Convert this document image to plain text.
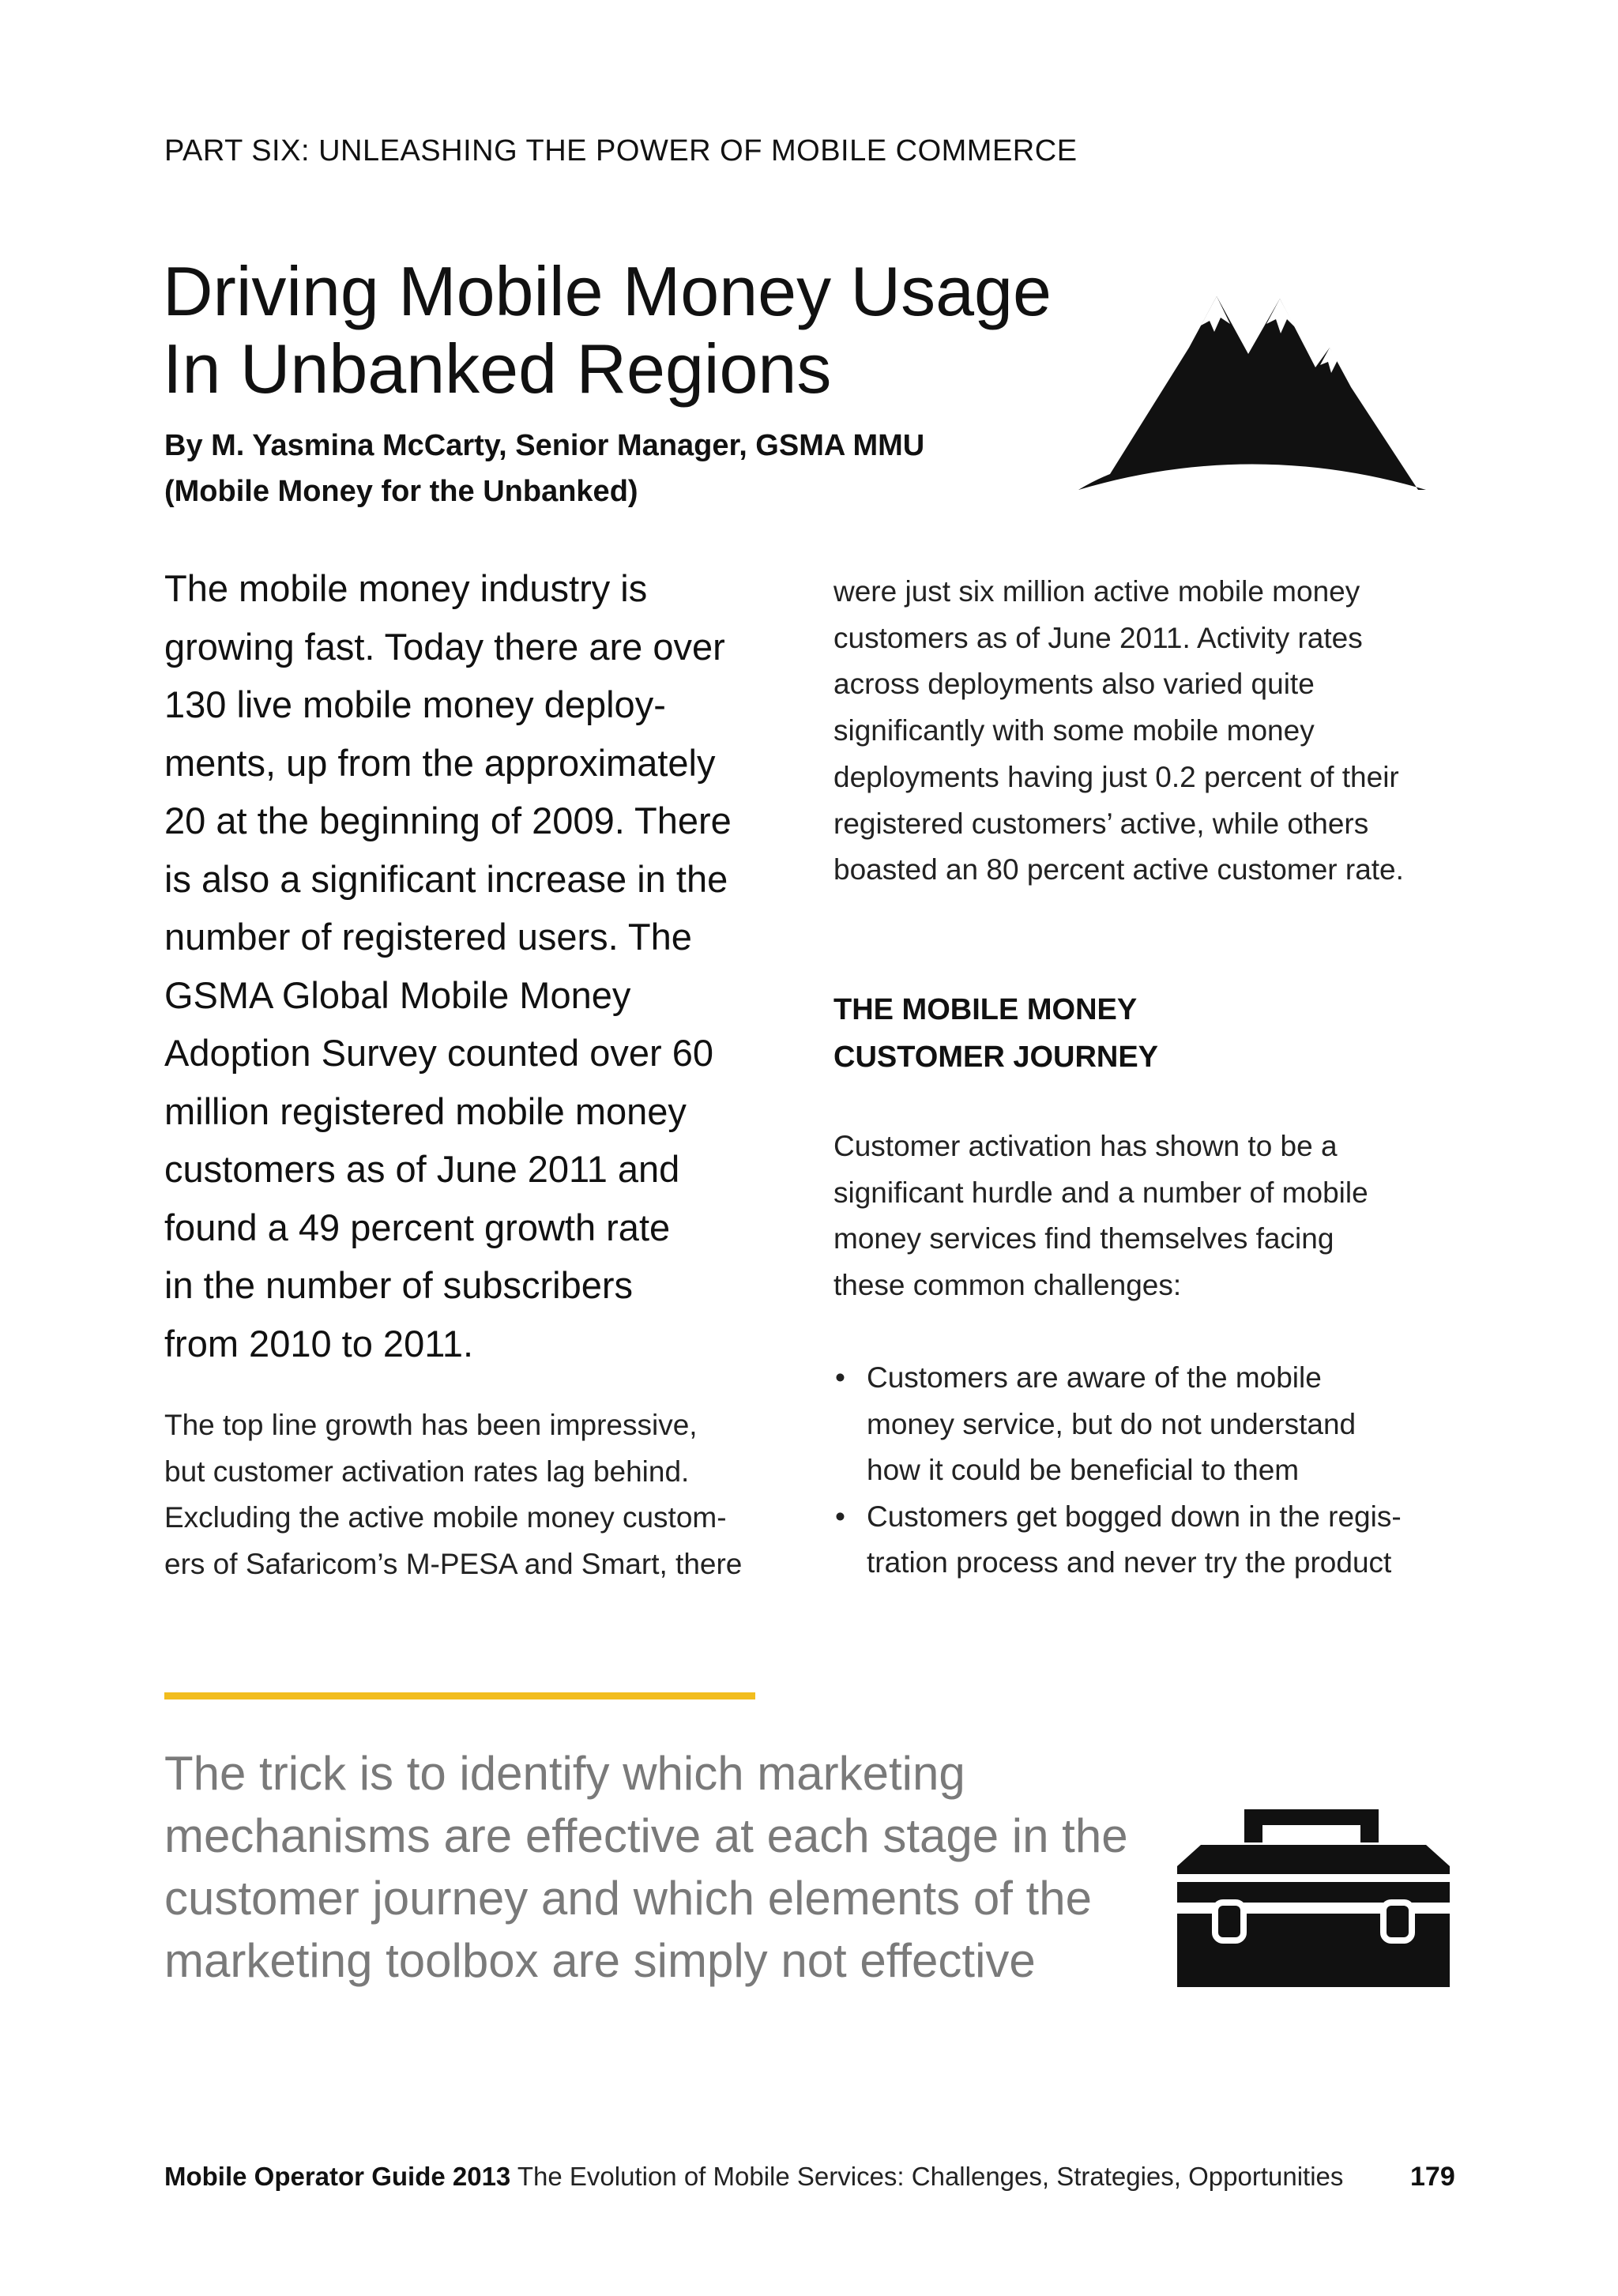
PART SIX: UNLEASHING THE POWER OF MOBILE COMMERCE
Driving Mobile Money Usage
In Unbanked Regions
By M. Yasmina McCarty, Senior Manager, GSMA MMU
(Mobile Money for the Unbanked)
The mobile money industry is
growing fast. Today there are over
130 live mobile money deploy-
ments, up from the approximately
20 at the beginning of 2009. There
is also a significant increase in the
number of registered users. The
GSMA Global Mobile Money
Adoption Survey counted over 60
million registered mobile money
customers as of June 2011 and
found a 49 percent growth rate
in the number of subscribers
from 2010 to 2011.
The top line growth has been impressive,
but customer activation rates lag behind.
Excluding the active mobile money custom-
ers of Safaricom’s M-PESA and Smart, there
were just six million active mobile money
customers as of June 2011. Activity rates
across deployments also varied quite
significantly with some mobile money
deployments having just 0.2 percent of their
registered customers’ active, while others
boasted an 80 percent active customer rate.
THE MOBILE MONEY
CUSTOMER JOURNEY
Customer activation has shown to be a
significant hurdle and a number of mobile
money services find themselves facing
these common challenges:
• Customers are aware of the mobile
money service, but do not understand
how it could be beneficial to them
• Customers get bogged down in the regis-
tration process and never try the product
The trick is to identify which marketing
mechanisms are effective at each stage in the
customer journey and which elements of the
marketing toolbox are simply not effective
Mobile Operator Guide 2013 The Evolution of Mobile Services: Challenges, Strategies, Opportunities 179
